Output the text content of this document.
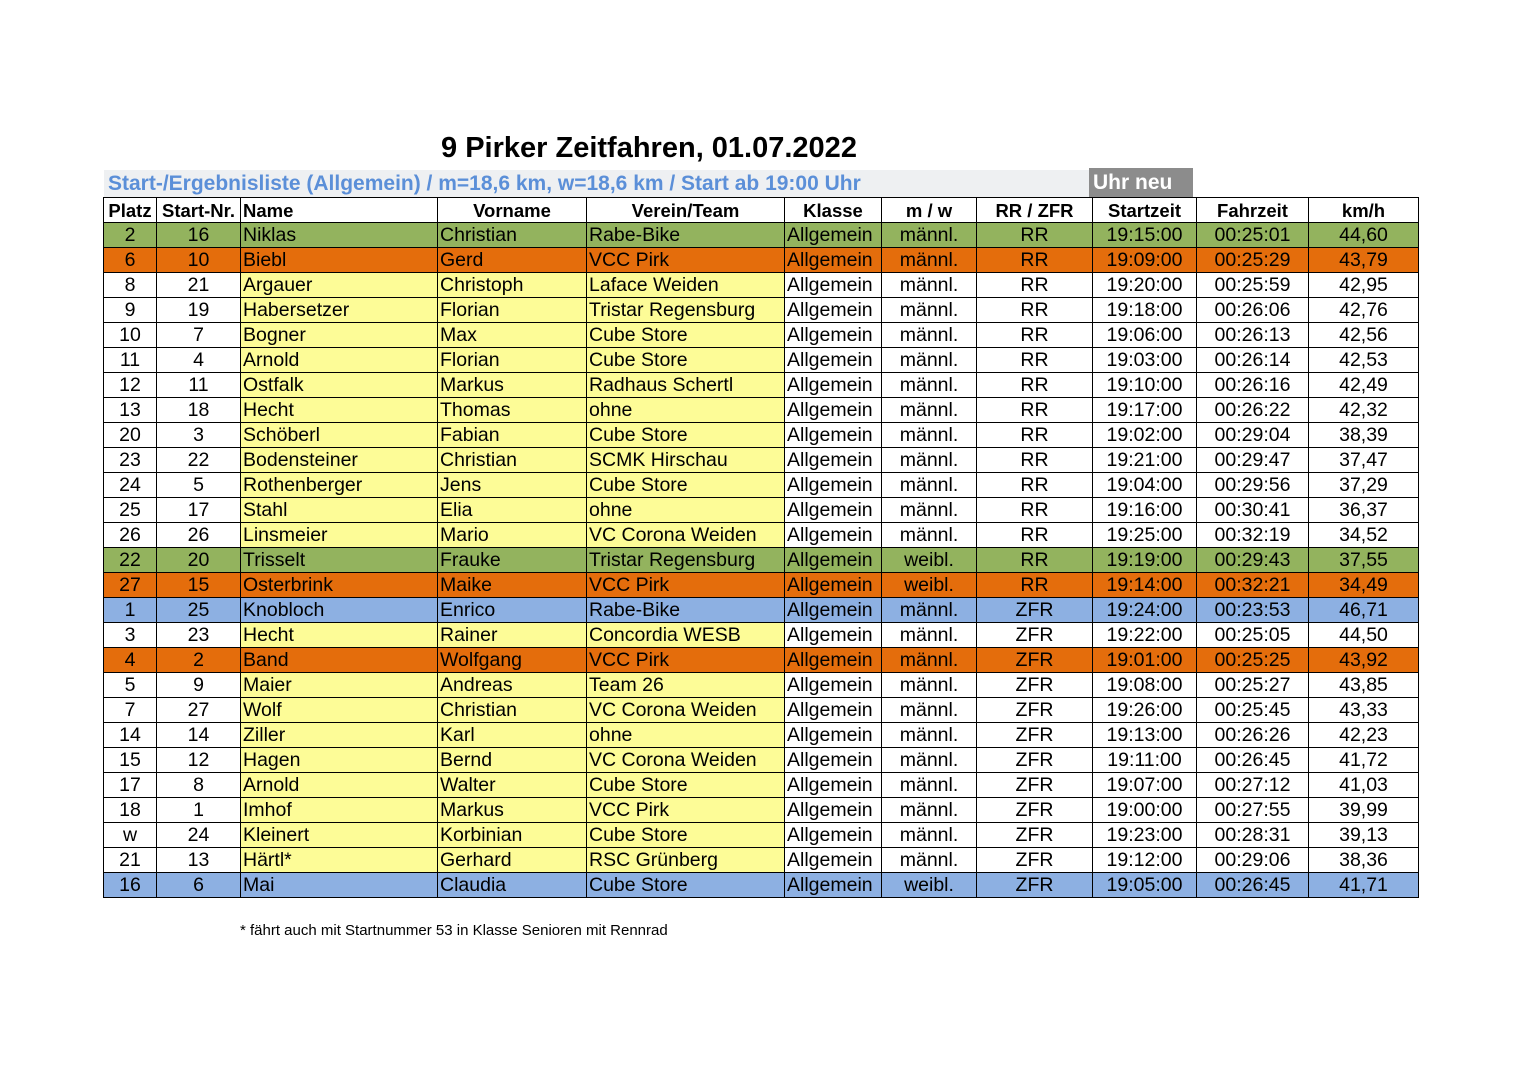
9 Pirker Zeitfahren, 01.07.2022
Start-/Ergebnisliste (Allgemein) / m=18,6 km, w=18,6 km / Start ab 19:00 Uhr	Uhr neu
Platz	Start-Nr.	Name	Vorname	Verein/Team	Klasse	m / w	RR / ZFR	Startzeit	Fahrzeit	km/h
2	16	Niklas	Christian	Rabe-Bike	Allgemein	männl.	RR	19:15:00	00:25:01	44,60
6	10	Biebl	Gerd	VCC Pirk	Allgemein	männl.	RR	19:09:00	00:25:29	43,79
8	21	Argauer	Christoph	Laface Weiden	Allgemein	männl.	RR	19:20:00	00:25:59	42,95
9	19	Habersetzer	Florian	Tristar Regensburg	Allgemein	männl.	RR	19:18:00	00:26:06	42,76
10	7	Bogner	Max	Cube Store	Allgemein	männl.	RR	19:06:00	00:26:13	42,56
11	4	Arnold	Florian	Cube Store	Allgemein	männl.	RR	19:03:00	00:26:14	42,53
12	11	Ostfalk	Markus	Radhaus Schertl	Allgemein	männl.	RR	19:10:00	00:26:16	42,49
13	18	Hecht	Thomas	ohne	Allgemein	männl.	RR	19:17:00	00:26:22	42,32
20	3	Schöberl	Fabian	Cube Store	Allgemein	männl.	RR	19:02:00	00:29:04	38,39
23	22	Bodensteiner	Christian	SCMK Hirschau	Allgemein	männl.	RR	19:21:00	00:29:47	37,47
24	5	Rothenberger	Jens	Cube Store	Allgemein	männl.	RR	19:04:00	00:29:56	37,29
25	17	Stahl	Elia	ohne	Allgemein	männl.	RR	19:16:00	00:30:41	36,37
26	26	Linsmeier	Mario	VC Corona Weiden	Allgemein	männl.	RR	19:25:00	00:32:19	34,52
22	20	Trisselt	Frauke	Tristar Regensburg	Allgemein	weibl.	RR	19:19:00	00:29:43	37,55
27	15	Osterbrink	Maike	VCC Pirk	Allgemein	weibl.	RR	19:14:00	00:32:21	34,49
1	25	Knobloch	Enrico	Rabe-Bike	Allgemein	männl.	ZFR	19:24:00	00:23:53	46,71
3	23	Hecht	Rainer	Concordia WESB	Allgemein	männl.	ZFR	19:22:00	00:25:05	44,50
4	2	Band	Wolfgang	VCC Pirk	Allgemein	männl.	ZFR	19:01:00	00:25:25	43,92
5	9	Maier	Andreas	Team 26	Allgemein	männl.	ZFR	19:08:00	00:25:27	43,85
7	27	Wolf	Christian	VC Corona Weiden	Allgemein	männl.	ZFR	19:26:00	00:25:45	43,33
14	14	Ziller	Karl	ohne	Allgemein	männl.	ZFR	19:13:00	00:26:26	42,23
15	12	Hagen	Bernd	VC Corona Weiden	Allgemein	männl.	ZFR	19:11:00	00:26:45	41,72
17	8	Arnold	Walter	Cube Store	Allgemein	männl.	ZFR	19:07:00	00:27:12	41,03
18	1	Imhof	Markus	VCC Pirk	Allgemein	männl.	ZFR	19:00:00	00:27:55	39,99
w	24	Kleinert	Korbinian	Cube Store	Allgemein	männl.	ZFR	19:23:00	00:28:31	39,13
21	13	Härtl*	Gerhard	RSC Grünberg	Allgemein	männl.	ZFR	19:12:00	00:29:06	38,36
16	6	Mai	Claudia	Cube Store	Allgemein	weibl.	ZFR	19:05:00	00:26:45	41,71
* fährt auch mit Startnummer 53 in Klasse Senioren mit Rennrad
